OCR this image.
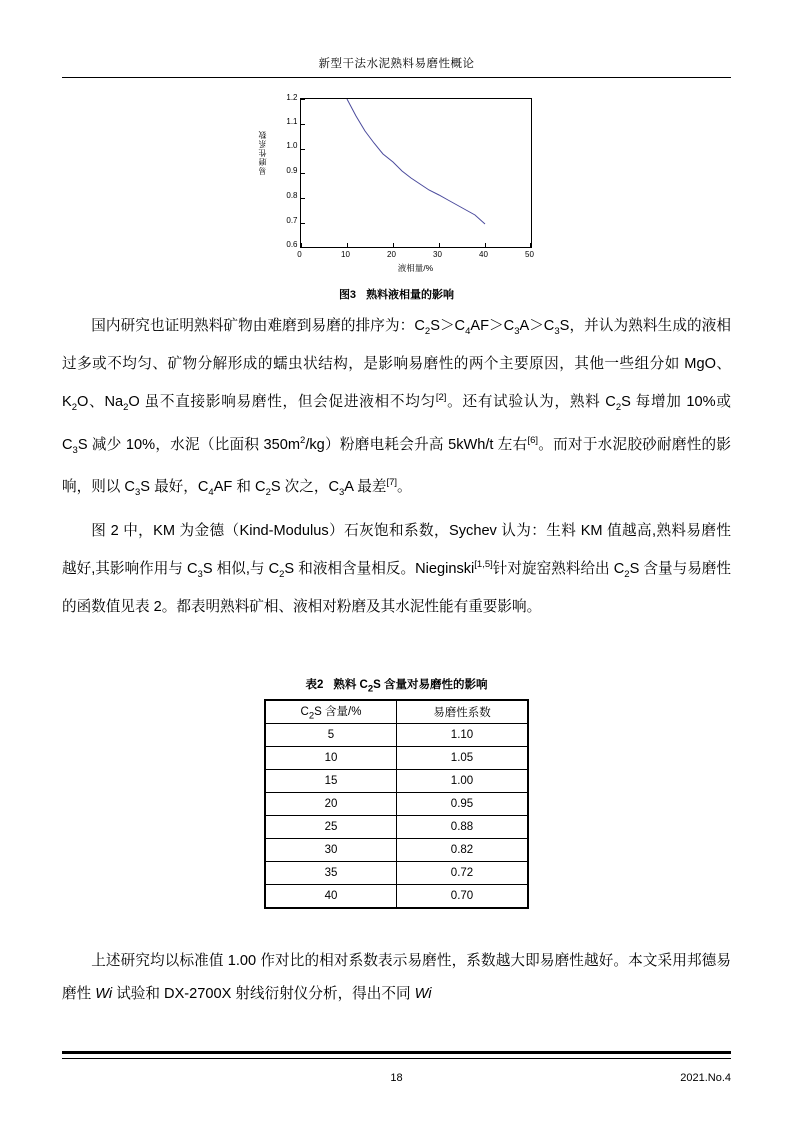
新型干法水泥熟料易磨性概论
易磨性系数
1.2
1.1
1.0
0.9
0.8
0.7
0.6
0	10	20	30	40	50
液相量/%
图3 熟料液相量的影响

国内研究也证明熟料矿物由难磨到易磨的排序为：$C_2S>C_4AF>C_3A>C_3S$，并认为熟料生成的液相过多或不均匀、矿物分解形成的蠕虫状结构，是影响易磨性的两个主要原因，其他一些组分如 MgO、$K_2O$、$Na_2O$ 虽不直接影响易磨性，但会促进液相不均匀[2]。还有试验认为，熟料 $C_2S$ 每增加 10%或 $C_3S$ 减少 10%，水泥（比面积 $350m^2/kg$）粉磨电耗会升高 5kWh/t 左右[6]。而对于水泥胶砂耐磨性的影响，则以 $C_3S$ 最好，$C_4AF$ 和 $C_2S$ 次之，$C_3A$ 最差[7]。

图 2 中，KM 为金德（Kind-Modulus）石灰饱和系数，Sychev 认为：生料 KM 值越高,熟料易磨性越好,其影响作用与 $C_3S$ 相似,与 $C_2S$ 和液相含量相反。Nieginski[1,5]针对旋窑熟料给出 $C_2S$ 含量与易磨性的函数值见表 2。都表明熟料矿相、液相对粉磨及其水泥性能有重要影响。

表2 熟料 $C_2S$ 含量对易磨性的影响
$C_2S$ 含量/%	易磨性系数
5	1.10
10	1.05
15	1.00
20	0.95
25	0.88
30	0.82
35	0.72
40	0.70

上述研究均以标准值 1.00 作对比的相对系数表示易磨性，系数越大即易磨性越好。本文采用邦德易磨性 Wi 试验和 DX-2700X 射线衍射仪分析，得出不同 Wi

18	2021.No.4
